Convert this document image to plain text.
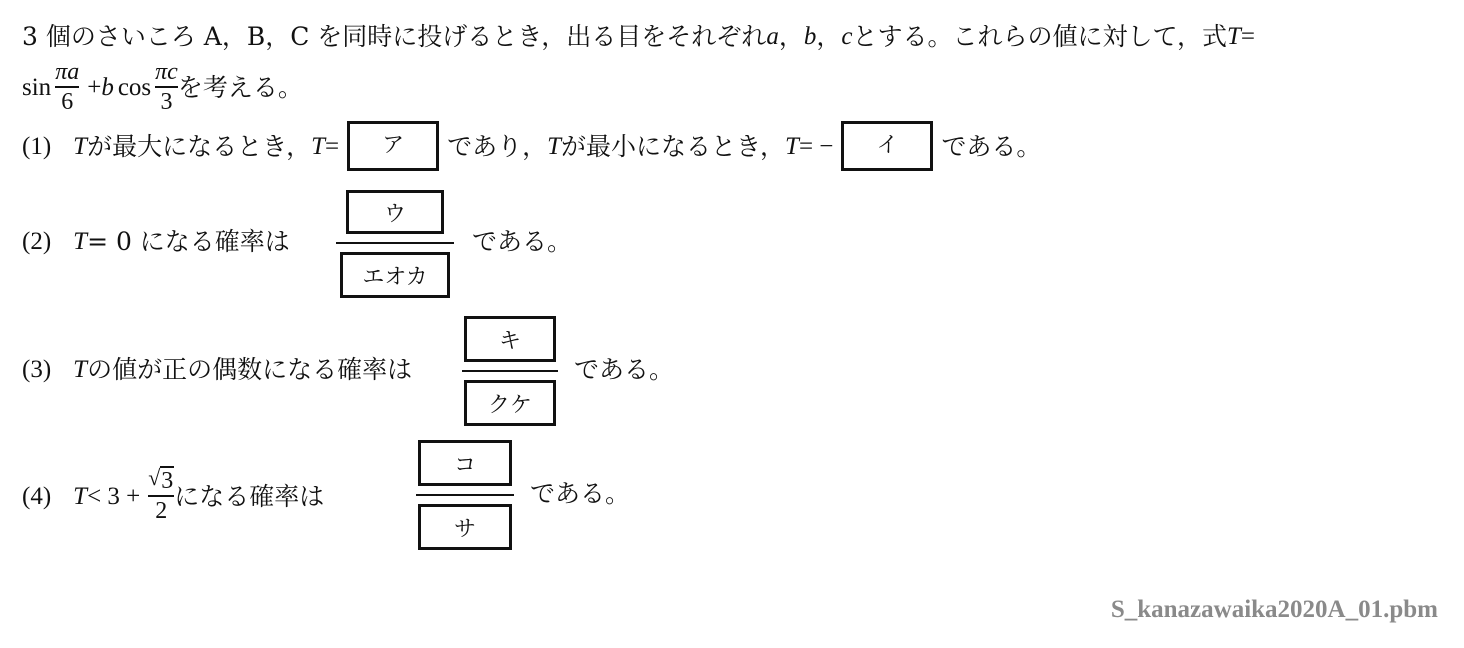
3 個のさいころ A，B，C を同時に投げるとき，出る目をそれぞれ a ， b ， c とする。これらの値に対して，式 T =
$\sin \frac{\pi a}{6} + b$ $\cos \frac{\pi c}{3}$ を考える。
(1) T が最大になるとき， T =	ア	であり， T が最小になるとき， T = −	イ	である。
(2) T = 0 になる確率は
ウ
エオカ
である。
(3) T の値が正の偶数になる確率は
キ
クケ
である。
(4) $T < 3 + \frac{√ 3}{2}$ になる確率は
コ
サ
である。
S_kanazawaika2020A_01.pbm
